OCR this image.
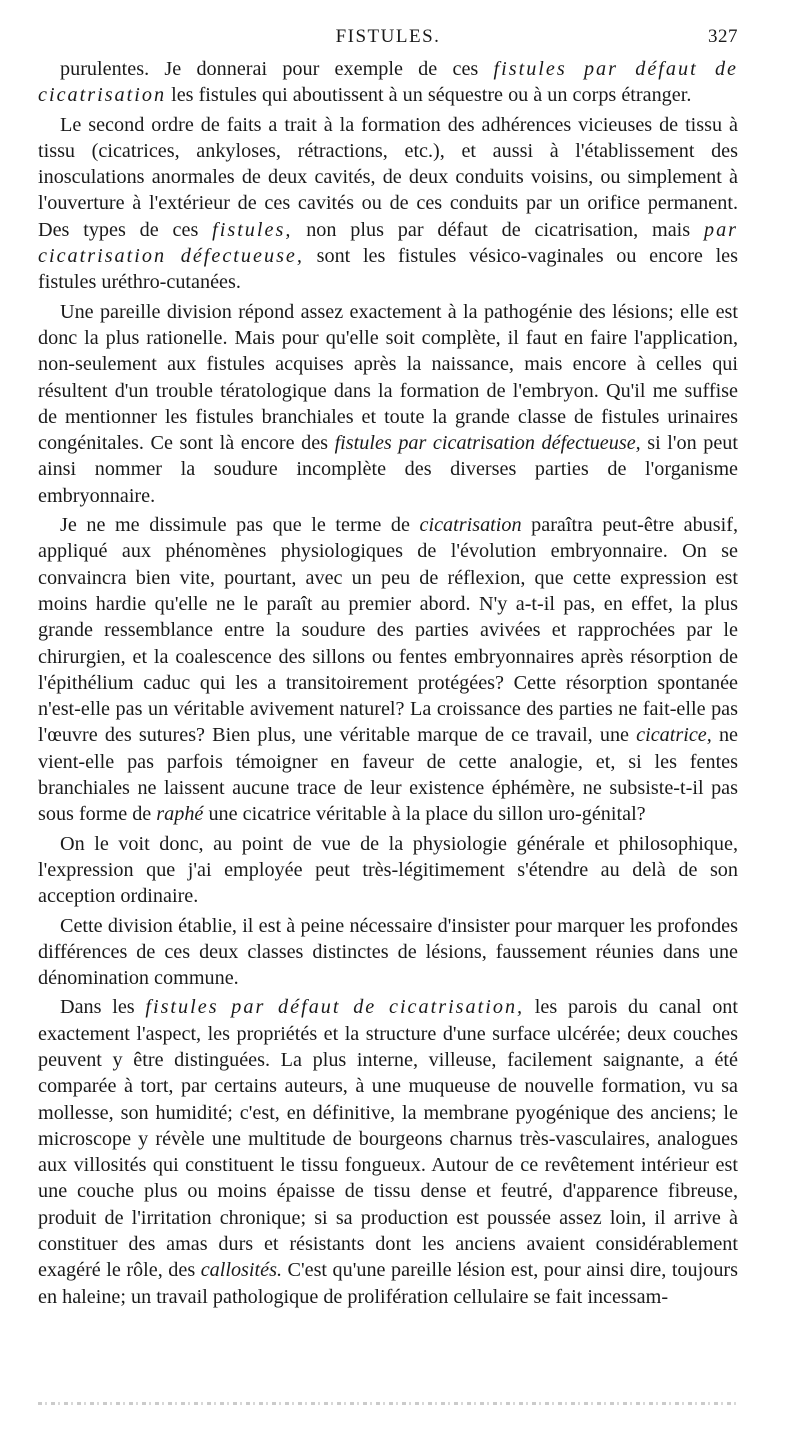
FISTULES.	327

purulentes. Je donnerai pour exemple de ces fistules par défaut de cicatrisation les fistules qui aboutissent à un séquestre ou à un corps étranger.

Le second ordre de faits a trait à la formation des adhérences vicieuses de tissu à tissu (cicatrices, ankyloses, rétractions, etc.), et aussi à l'établissement des inosculations anormales de deux cavités, de deux conduits voisins, ou simplement à l'ouverture à l'extérieur de ces cavités ou de ces conduits par un orifice permanent. Des types de ces fistules, non plus par défaut de cicatrisation, mais par cicatrisation défectueuse, sont les fistules vésico-vaginales ou encore les fistules uréthro-cutanées.

Une pareille division répond assez exactement à la pathogénie des lésions; elle est donc la plus rationelle. Mais pour qu'elle soit complète, il faut en faire l'application, non-seulement aux fistules acquises après la naissance, mais encore à celles qui résultent d'un trouble tératologique dans la formation de l'embryon. Qu'il me suffise de mentionner les fistules branchiales et toute la grande classe de fistules urinaires congénitales. Ce sont là encore des fistules par cicatrisation défectueuse, si l'on peut ainsi nommer la soudure incomplète des diverses parties de l'organisme embryonnaire.

Je ne me dissimule pas que le terme de cicatrisation paraîtra peut-être abusif, appliqué aux phénomènes physiologiques de l'évolution embryonnaire. On se convaincra bien vite, pourtant, avec un peu de réflexion, que cette expression est moins hardie qu'elle ne le paraît au premier abord. N'y a-t-il pas, en effet, la plus grande ressemblance entre la soudure des parties avivées et rapprochées par le chirurgien, et la coalescence des sillons ou fentes embryonnaires après résorption de l'épithélium caduc qui les a transitoirement protégées? Cette résorption spontanée n'est-elle pas un véritable avivement naturel? La croissance des parties ne fait-elle pas l'œuvre des sutures? Bien plus, une véritable marque de ce travail, une cicatrice, ne vient-elle pas parfois témoigner en faveur de cette analogie, et, si les fentes branchiales ne laissent aucune trace de leur existence éphémère, ne subsiste-t-il pas sous forme de raphé une cicatrice véritable à la place du sillon uro-génital?

On le voit donc, au point de vue de la physiologie générale et philosophique, l'expression que j'ai employée peut très-légitimement s'étendre au delà de son acception ordinaire.

Cette division établie, il est à peine nécessaire d'insister pour marquer les profondes différences de ces deux classes distinctes de lésions, faussement réunies dans une dénomination commune.

Dans les fistules par défaut de cicatrisation, les parois du canal ont exactement l'aspect, les propriétés et la structure d'une surface ulcérée; deux couches peuvent y être distinguées. La plus interne, villeuse, facilement saignante, a été comparée à tort, par certains auteurs, à une muqueuse de nouvelle formation, vu sa mollesse, son humidité; c'est, en définitive, la membrane pyogénique des anciens; le microscope y révèle une multitude de bourgeons charnus très-vasculaires, analogues aux villosités qui constituent le tissu fongueux. Autour de ce revêtement intérieur est une couche plus ou moins épaisse de tissu dense et feutré, d'apparence fibreuse, produit de l'irritation chronique; si sa production est poussée assez loin, il arrive à constituer des amas durs et résistants dont les anciens avaient considérablement exagéré le rôle, des callosités. C'est qu'une pareille lésion est, pour ainsi dire, toujours en haleine; un travail pathologique de prolifération cellulaire se fait incessam-
